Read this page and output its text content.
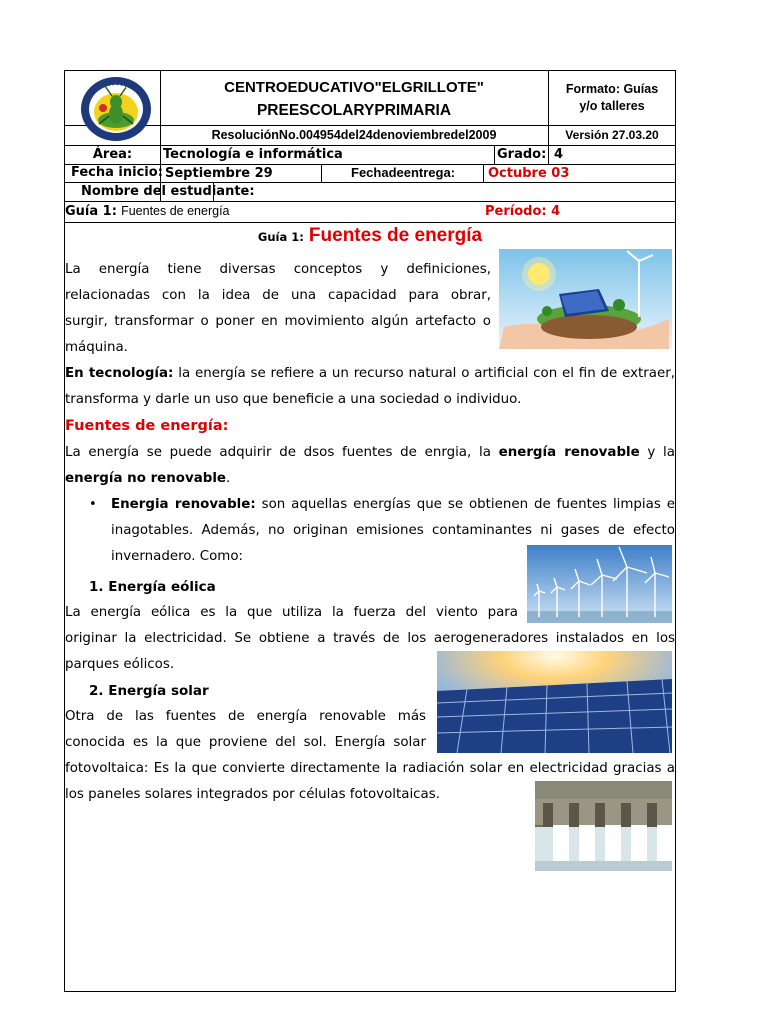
CENTROEDUCATIVO"ELGRILLOTE"
PREESCOLARYPRIMARIA
ResoluciónNo.004954del24denoviembredel2009
Formato: Guías
y/o talleres
Versión 27.03.20
Área:	Tecnología e informática	Grado: 4
Fecha inicio: Septiembre 29	Fechadeentrega:	Octubre 03
Nombre del estudiante:
Guía 1: Fuentes de energía	Período: 4
Guía 1: Fuentes de energía
La energía tiene diversas conceptos y definiciones,
relacionadas con la idea de una capacidad para obrar,
surgir, transformar o poner en movimiento algún artefacto o
máquina.
En tecnología: la energía se refiere a un recurso natural o artificial con el fin de extraer, transforma y darle un uso que beneficie a una sociedad o individuo.
Fuentes de energía:
La energía se puede adquirir de dsos fuentes de enrgia, la energía renovable y la energía no renovable.
• Energia renovable: son aquellas energías que se obtienen de fuentes limpias e inagotables. Además, no originan emisiones contaminantes ni gases de efecto invernadero. Como:
1. Energía eólica
La energía eólica es la que utiliza la fuerza del viento para
originar la electricidad. Se obtiene a través de los aerogeneradores instalados en los parques eólicos.
2. Energía solar
Otra de las fuentes de energía renovable más
conocida es la que proviene del sol. Energía solar
fotovoltaica: Es la que convierte directamente la radiación solar en electricidad gracias a los paneles solares integrados por células fotovoltaicas.
